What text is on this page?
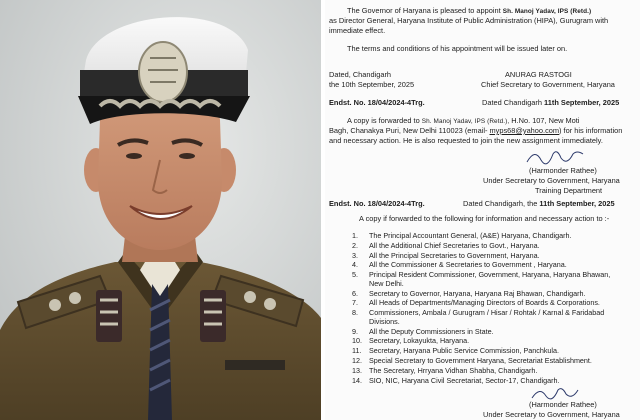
The Governor of Haryana is pleased to appoint Sh. Manoj Yadav, IPS (Retd.)
as Director General, Haryana Institute of Public Administration (HIPA), Gurugram with
immediate effect.
The terms and conditions of his appointment will be issued later on.
Dated, Chandigarh
the 10th September, 2025
ANURAG RASTOGI
Chief Secretary to Government, Haryana
Endst. No. 18/04/2024-4Trg.	Dated Chandigarh 11th September, 2025
A copy is forwarded to Sh. Manoj Yadav, IPS (Retd.), H.No. 107, New Moti
Bagh, Chanakya Puri, New Delhi 110023 (email- myps68@yahoo.com) for his information
and necessary action. He is also requested to join the new assignment immediately.
(Harmonder Rathee)
Under Secretary to Government, Haryana
Training Department
Endst. No. 18/04/2024-4Trg.	Dated Chandigarh, the 11th September, 2025
A copy if forwarded to the following for information and necessary action to :-
1.	The Principal Accountant General, (A&E) Haryana, Chandigarh.
2.	All the Additional Chief Secretaries to Govt., Haryana.
3.	All the Principal Secretaries to Government, Haryana.
4.	All the Commissioner & Secretaries to Government , Haryana.
5.	Principal Resident Commissioner, Government, Haryana, Haryana Bhawan,
New Delhi.
6.	Secretary to Governor, Haryana, Haryana Raj Bhawan, Chandigarh.
7.	All Heads of Departments/Managing Directors of Boards & Corporations.
8.	Commissioners, Ambala / Gurugram / Hisar / Rohtak / Karnal & Faridabad
Divisions.
9.	All the Deputy Commissioners in State.
10. Secretary, Lokayukta, Haryana.
11.	Secretary, Haryana Public Service Commission, Panchkula.
12. Special Secretary to Government Haryana, Secretariat Establishment.
13. The Secretary, Hrryana Vidhan Shabha, Chandigarh.
14. SIO, NIC, Haryana Civil Secretariat, Sector-17, Chandigarh.
(Harmonder Rathee)
Under Secretary to Government, Haryana
